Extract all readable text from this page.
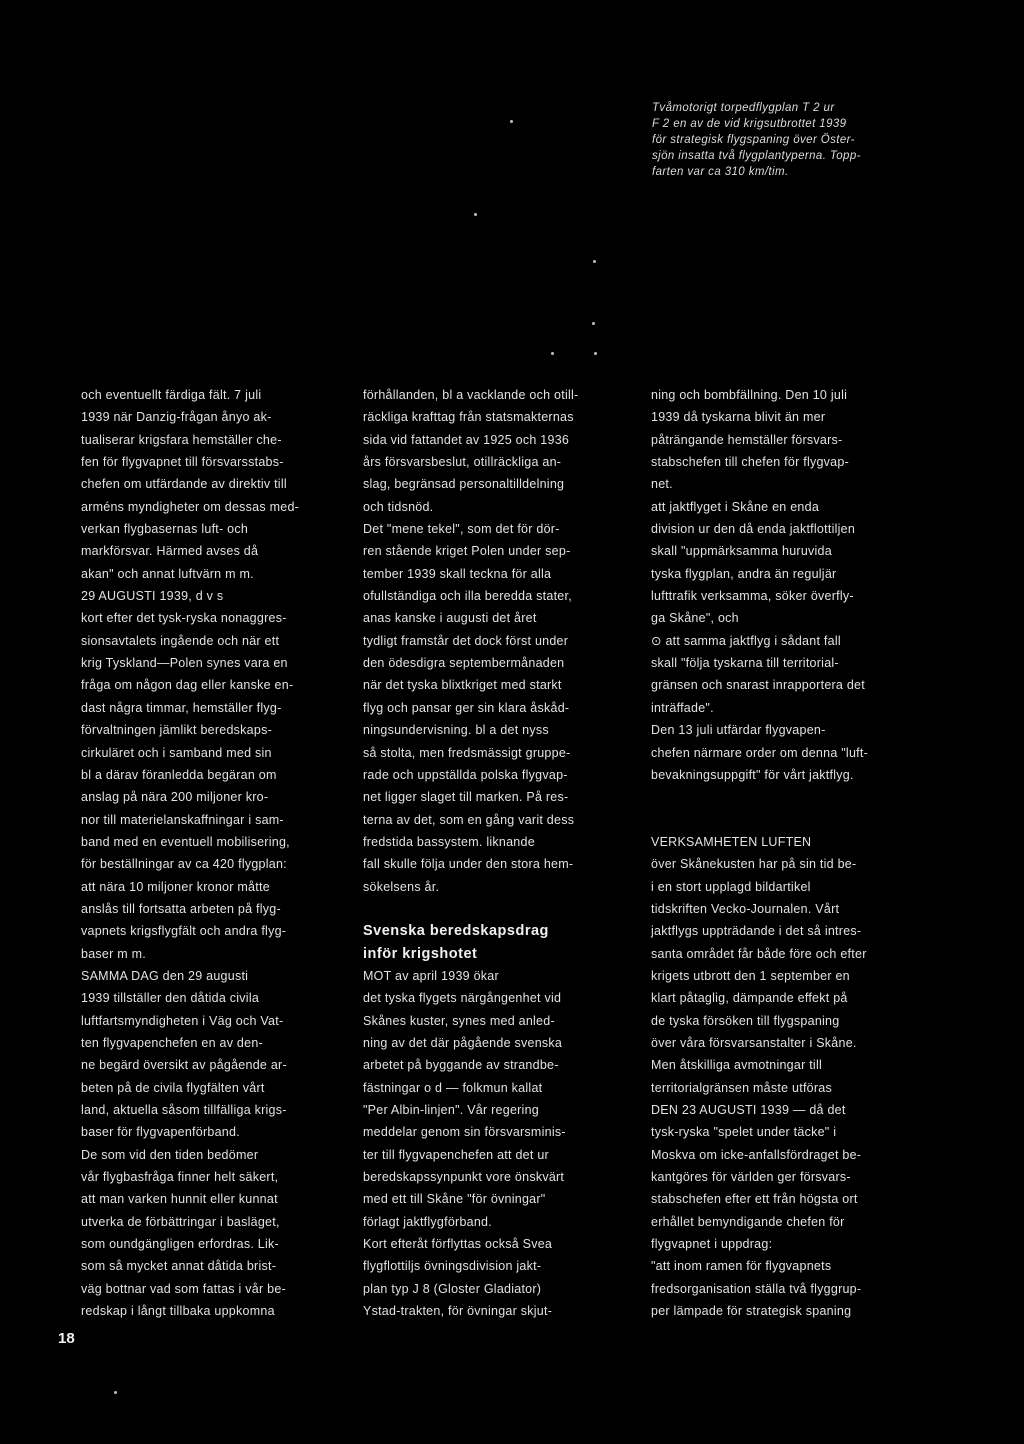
Tvåmotorigt torpedflygplan T 2 ur
F 2 en av de vid krigsutbrottet 1939
för strategisk flygspaning över Öster-
sjön insatta två flygplantyperna. Topp-
farten var ca 310 km/tim.
och eventuellt färdiga fält. 7 juli
1939 när Danzig-frågan ånyo ak-
tualiserar krigsfara hemställer che-
fen för flygvapnet till försvarsstabs-
chefen om utfärdande av direktiv till
arméns myndigheter om dessas med-
verkan flygbasernas luft- och
markförsvar. Härmed avses då
akan" och annat luftvärn m m.
29 AUGUSTI 1939, d v s
kort efter det tysk-ryska nonaggres-
sionsavtalets ingående och när ett
krig Tyskland—Polen synes vara en
fråga om någon dag eller kanske en-
dast några timmar, hemställer flyg-
förvaltningen jämlikt beredskaps-
cirkuläret och i samband med sin
bl a därav föranledda begäran om
anslag på nära 200 miljoner kro-
nor till materielanskaffningar i sam-
band med en eventuell mobilisering,
för beställningar av ca 420 flygplan:
att nära 10 miljoner kronor måtte
anslås till fortsatta arbeten på flyg-
vapnets krigsflygfält och andra flyg-
baser m m.
SAMMA DAG den 29 augusti
1939 tillställer den dåtida civila
luftfartsmyndigheten i Väg och Vat-
ten flygvapenchefen en av den-
ne begärd översikt av pågående ar-
beten på de civila flygfälten vårt
land, aktuella såsom tillfälliga krigs-
baser för flygvapenförband.
De som vid den tiden bedömer
vår flygbasfråga finner helt säkert,
att man varken hunnit eller kunnat
utverka de förbättringar i basläget,
som oundgängligen erfordras. Lik-
som så mycket annat dåtida brist-
väg bottnar vad som fattas i vår be-
redskap i långt tillbaka uppkomna
förhållanden, bl a vacklande och otill-
räckliga krafttag från statsmakternas
sida vid fattandet av 1925 och 1936
års försvarsbeslut, otillräckliga an-
slag, begränsad personaltilldelning
och tidsnöd.
Det "mene tekel", som det för dör-
ren stående kriget Polen under sep-
tember 1939 skall teckna för alla
ofullständiga och illa beredda stater,
anas kanske i augusti det året
tydligt framstår det dock först under
den ödesdigra septembermånaden
när det tyska blixtkriget med starkt
flyg och pansar ger sin klara åskåd-
ningsundervisning. bl a det nyss
så stolta, men fredsmässigt gruppe-
rade och uppställda polska flygvap-
net ligger slaget till marken. På res-
terna av det, som en gång varit dess
fredstida bassystem. liknande
fall skulle följa under den stora hem-
sökelsens år.
Svenska beredskapsdrag
inför krigshotet
MOT av april 1939 ökar
det tyska flygets närgångenhet vid
Skånes kuster, synes med anled-
ning av det där pågående svenska
arbetet på byggande av strandbe-
fästningar o d — folkmun kallat
"Per Albin-linjen". Vår regering
meddelar genom sin försvarsminis-
ter till flygvapenchefen att det ur
beredskapssynpunkt vore önskvärt
med ett till Skåne "för övningar"
förlagt jaktflygförband.
Kort efteråt förflyttas också Svea
flygflottiljs övningsdivision jakt-
plan typ J 8 (Gloster Gladiator)
Ystad-trakten, för övningar skjut-
ning och bombfällning. Den 10 juli
1939 då tyskarna blivit än mer
påträngande hemställer försvars-
stabschefen till chefen för flygvap-
net.
att jaktflyget i Skåne en enda
division ur den då enda jaktflottiljen
skall "uppmärksamma huruvida
tyska flygplan, andra än reguljär
lufttrafik verksamma, söker överfly-
ga Skåne", och
⊙ att samma jaktflyg i sådant fall
skall "följa tyskarna till territorial-
gränsen och snarast inrapportera det
inträffade".
Den 13 juli utfärdar flygvapen-
chefen närmare order om denna "luft-
bevakningsuppgift" för vårt jaktflyg.
VERKSAMHETEN LUFTEN
över Skånekusten har på sin tid be-
i en stort upplagd bildartikel
tidskriften Vecko-Journalen. Vårt
jaktflygs uppträdande i det så intres-
santa området får både före och efter
krigets utbrott den 1 september en
klart påtaglig, dämpande effekt på
de tyska försöken till flygspaning
över våra försvarsanstalter i Skåne.
Men åtskilliga avmotningar till
territorialgränsen måste utföras
DEN 23 AUGUSTI 1939 — då det
tysk-ryska "spelet under täcke" i
Moskva om icke-anfallsfördraget be-
kantgöres för världen ger försvars-
stabschefen efter ett från högsta ort
erhållet bemyndigande chefen för
flygvapnet i uppdrag:
"att inom ramen för flygvapnets
fredsorganisation ställa två flyggrup-
per lämpade för strategisk spaning
18
